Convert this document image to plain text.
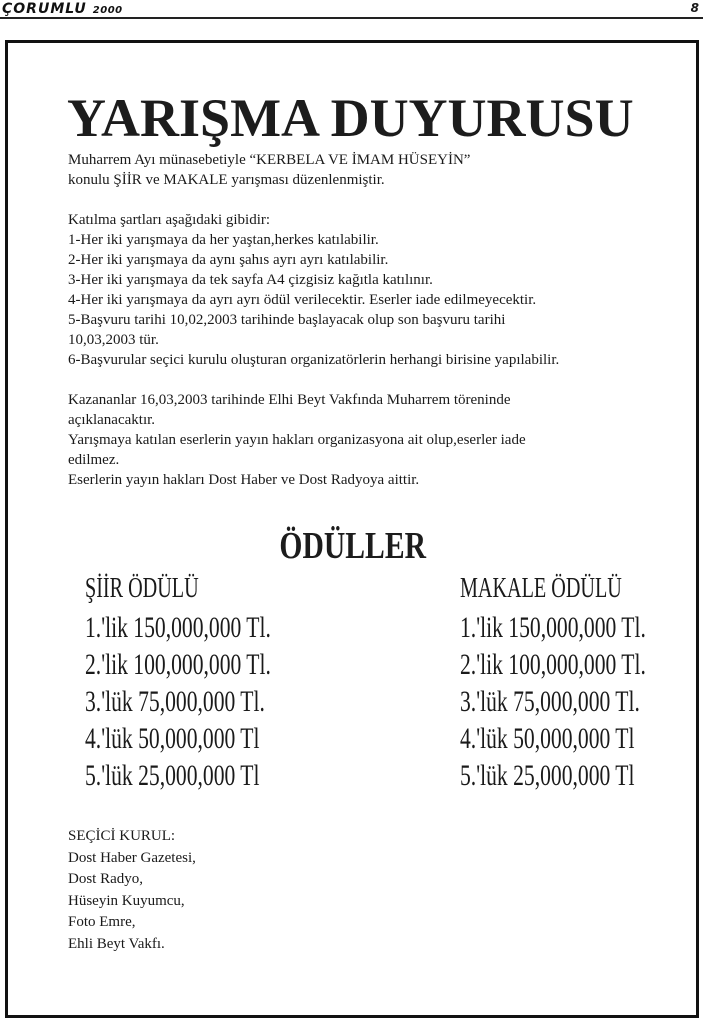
ÇORUMLU 2000	8
YARIŞMA DUYURUSU

Muharrem Ayı münasebetiyle “KERBELA VE İMAM HÜSEYİN”

konulu ŞİİR ve MAKALE yarışması düzenlenmiştir.

Katılma şartları aşağıdaki gibidir:

1-Her iki yarışmaya da her yaştan,herkes katılabilir.

2-Her iki yarışmaya da aynı şahıs ayrı ayrı katılabilir.

3-Her iki yarışmaya da tek sayfa A4 çizgisiz kağıtla katılınır.

4-Her iki yarışmaya da ayrı ayrı ödül verilecektir. Eserler iade edilmeyecektir.

5-Başvuru tarihi 10,02,2003 tarihinde başlayacak olup son başvuru tarihi

10,03,2003 tür.

6-Başvurular seçici kurulu oluşturan organizatörlerin herhangi birisine yapılabilir.

Kazananlar 16,03,2003 tarihinde Elhi Beyt Vakfında Muharrem töreninde

açıklanacaktır.

Yarışmaya katılan eserlerin yayın hakları organizasyona ait olup,eserler iade

edilmez.

Eserlerin yayın hakları Dost Haber ve Dost Radyoya aittir.

ÖDÜLLER

ŞİİR ÖDÜLÜ

1.'lik 150,000,000 Tl.

2.'lik 100,000,000 Tl.

3.'lük 75,000,000 Tl.

4.'lük 50,000,000 Tl

5.'lük 25,000,000 Tl

MAKALE ÖDÜLÜ

1.'lik 150,000,000 Tl.

2.'lik 100,000,000 Tl.

3.'lük 75,000,000 Tl.

4.'lük 50,000,000 Tl

5.'lük 25,000,000 Tl

SEÇİCİ KURUL:

Dost Haber Gazetesi,

Dost Radyo,

Hüseyin Kuyumcu,

Foto Emre,

Ehli Beyt Vakfı.
